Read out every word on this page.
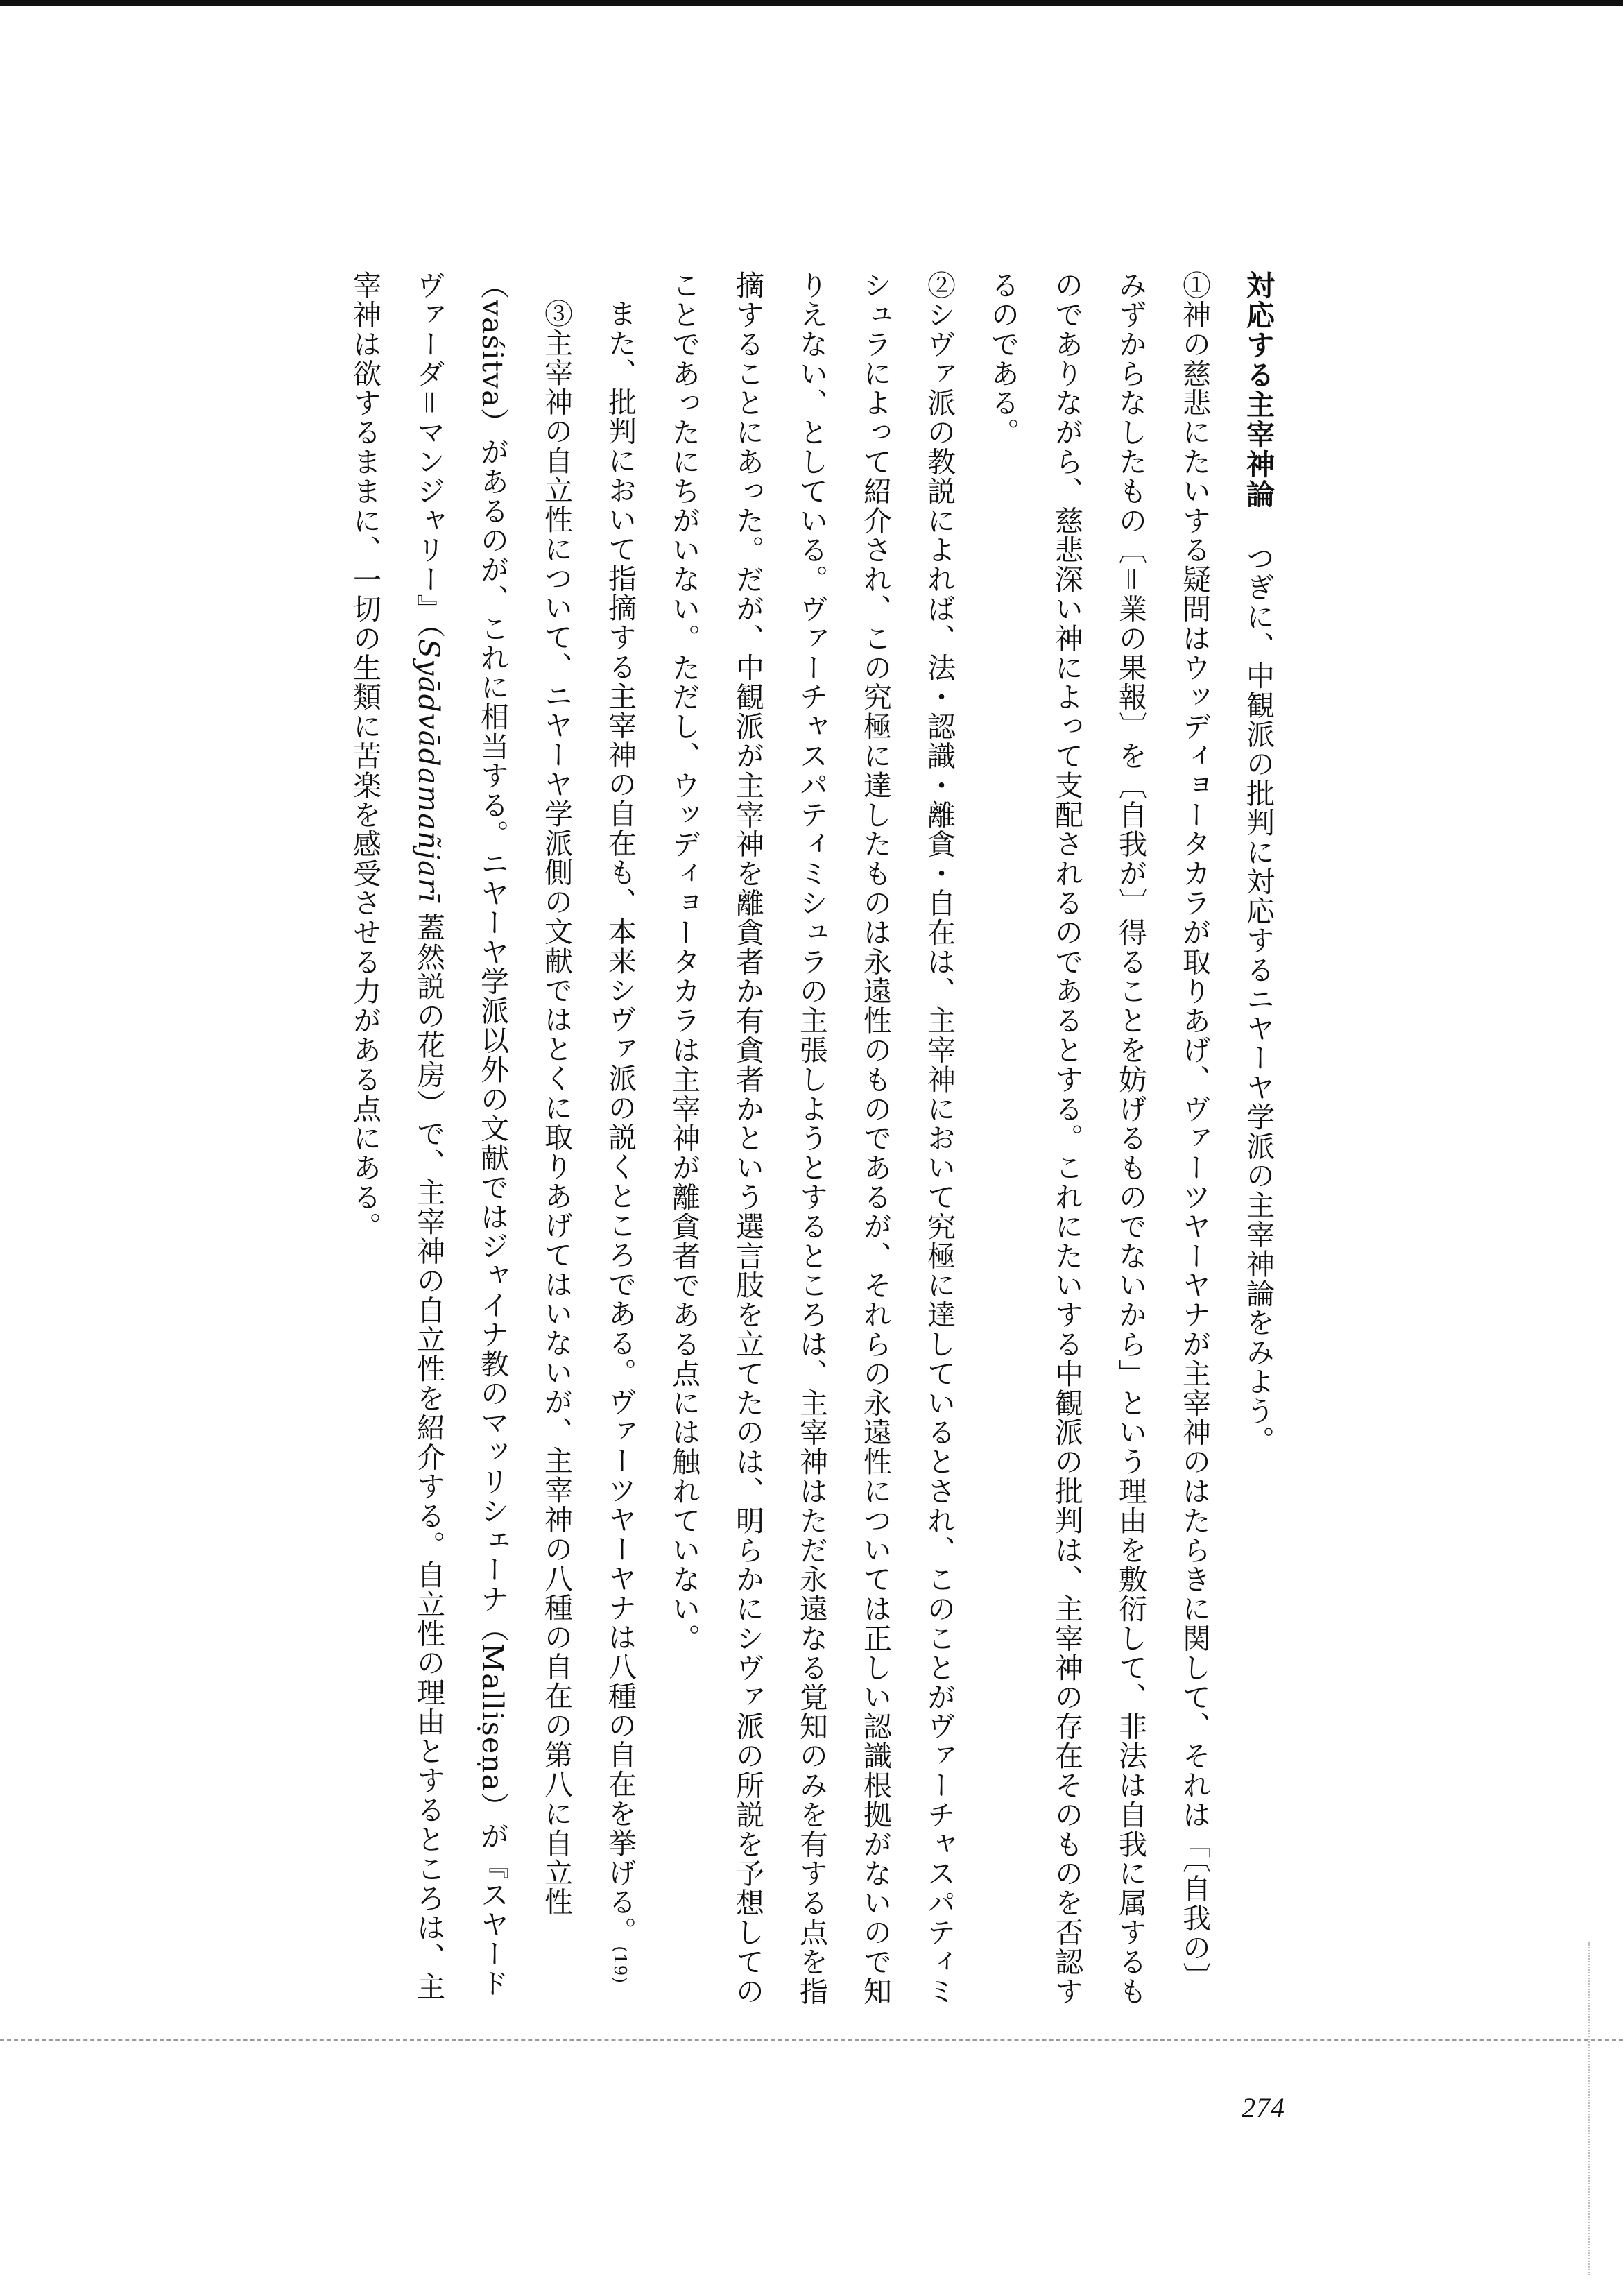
対応する主宰神論つぎに、中観派の批判に対応するニヤーヤ学派の主宰神論をみよう。

①神の慈悲にたいする疑問はウッディョータカラが取りあげ、ヴァーツヤーヤナが主宰神のはたらきに関して、それは「〔自我の〕みずからなしたもの〔＝業の果報〕を〔自我が〕得ることを妨げるものでないから」という理由を敷衍して、非法は自我に属するものでありながら、慈悲深い神によって支配されるのであるとする。これにたいする中観派の批判は、主宰神の存在そのものを否認するのである。

②シヴァ派の教説によれば、法・認識・離貪・自在は、主宰神において究極に達しているとされ、このことがヴァーチャスパティミシュラによって紹介され、この究極に達したものは永遠性のものであるが、それらの永遠性については正しい認識根拠がないので知りえない、としている。ヴァーチャスパティミシュラの主張しようとするところは、主宰神はただ永遠なる覚知のみを有する点を指摘することにあった。だが、中観派が主宰神を離貪者か有貪者かという選言肢を立てたのは、明らかにシヴァ派の所説を予想してのことであったにちがいない。ただし、ウッディョータカラは主宰神が離貪者である点には触れていない。

また、批判において指摘する主宰神の自在も、本来シヴァ派の説くところである。ヴァーツヤーヤナは八種の自在を挙げる。(19)

③主宰神の自立性について、ニヤーヤ学派側の文献ではとくに取りあげてはいないが、主宰神の八種の自在の第八に自立性（vaśitva）があるのが、これに相当する。ニヤーヤ学派以外の文献ではジャイナ教のマッリシェーナ（Malliṣeṇa）が『スヤードヴァーダ＝マンジャリー』（Syādvādamañjarī 蓋然説の花房）で、主宰神の自立性を紹介する。自立性の理由とするところは、主宰神は欲するままに、一切の生類に苦楽を感受させる力がある点にある。

274
